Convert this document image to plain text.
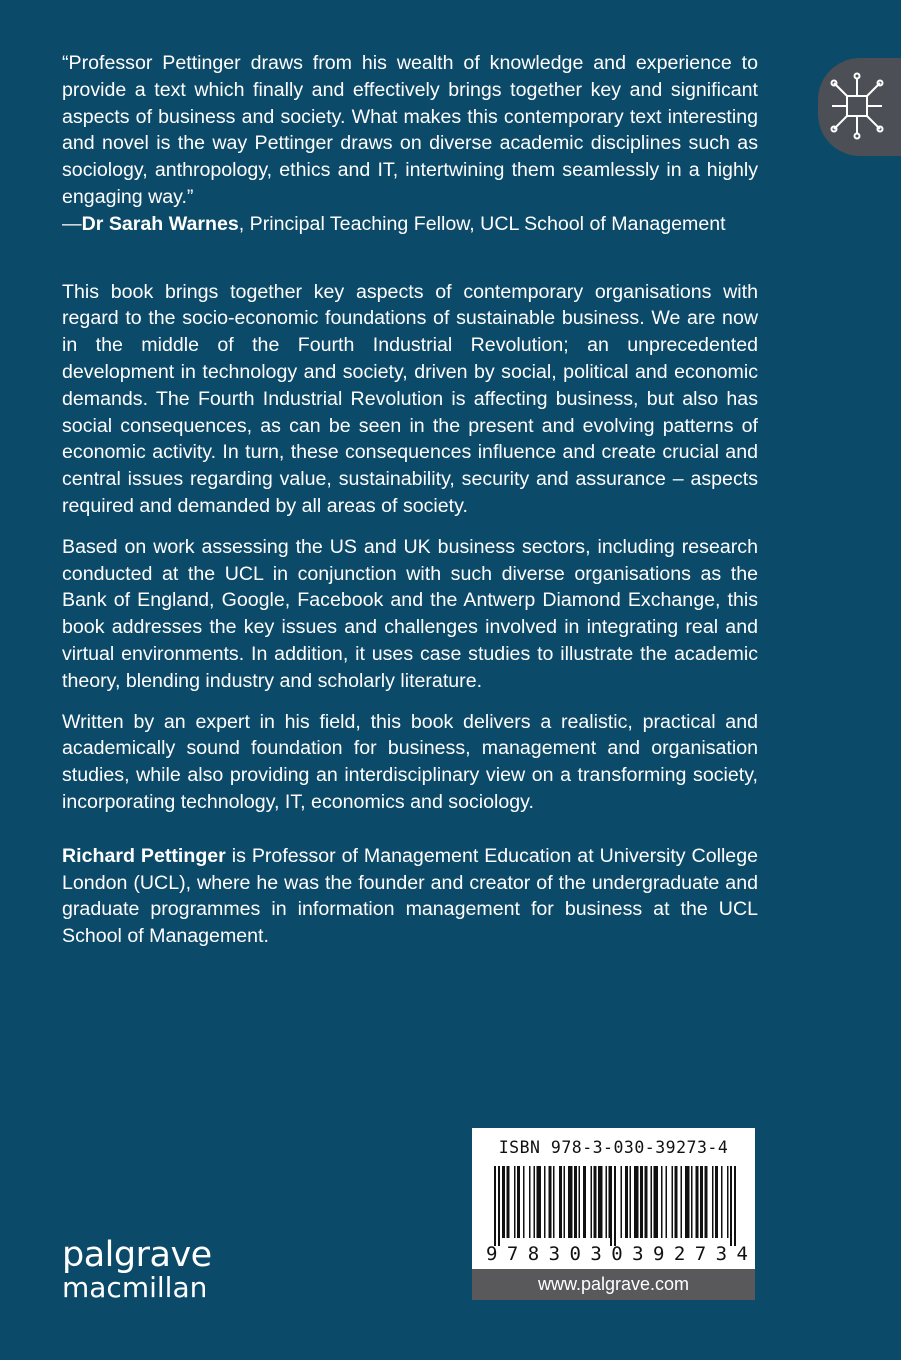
“Professor Pettinger draws from his wealth of knowledge and experience to provide a text which finally and effectively brings together key and significant aspects of business and society. What makes this contemporary text interesting and novel is the way Pettinger draws on diverse academic disciplines such as sociology, anthropology, ethics and IT, intertwining them seamlessly in a highly engaging way.”

—Dr Sarah Warnes, Principal Teaching Fellow, UCL School of Management

This book brings together key aspects of contemporary organisations with regard to the socio-economic foundations of sustainable business. We are now in the middle of the Fourth Industrial Revolution; an unprecedented development in technology and society, driven by social, political and economic demands. The Fourth Industrial Revolution is affecting business, but also has social consequences, as can be seen in the present and evolving patterns of economic activity. In turn, these consequences influence and create crucial and central issues regarding value, sustainability, security and assurance – aspects required and demanded by all areas of society.

Based on work assessing the US and UK business sectors, including research conducted at the UCL in conjunction with such diverse organisations as the Bank of England, Google, Facebook and the Antwerp Diamond Exchange, this book addresses the key issues and challenges involved in integrating real and virtual environments. In addition, it uses case studies to illustrate the academic theory, blending industry and scholarly literature.

Written by an expert in his field, this book delivers a realistic, practical and academically sound foundation for business, management and organisation studies, while also providing an interdisciplinary view on a transforming society, incorporating technology, IT, economics and sociology.

Richard Pettinger is Professor of Management Education at University College London (UCL), where he was the founder and creator of the undergraduate and graduate programmes in information management for business at the UCL School of Management.

palgrave
macmillan
ISBN 978-3-030-39273-4
9 7 8 3 0 3 0 3 9 2 7 3 4
www.palgrave.com
